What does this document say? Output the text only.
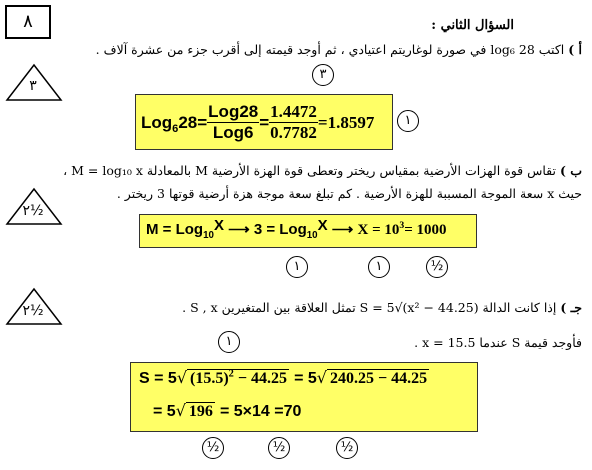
٨	السؤال الثاني :
أ ) اكتب 28 log₆ في صورة لوغاريتم اعتيادي ، ثم أوجد قيمته إلى أقرب جزء من عشرة آلاف .
٣
٣
Log$_6$ $28 = \frac{\text{Log28}}{\text{Log6}} = \frac{1.4472}{0.7782} =1.8597$	١
ب ) تقاس قوة الهزات الأرضية بمقياس ريختر وتعطى قوة الهزة الأرضية M بالمعادلة M = log₁₀ x ،
حيث x سعة الموجة المسببة للهزة الأرضية . كم تبلغ سعة موجة هزة أرضية قوتها 3 ريختر .
٢½
M = Log$_{10}$X ⟶ 3 = Log$_{10}$X ⟶ $X = 10^3= 1000$
١	١	½
٢½	جـ ) إذا كانت الدالة S = 5√(x² − 44.25) تمثل العلاقة بين المتغيرين S , x .
١	فأوجد قيمة S عندما x = 15.5 .
S = 5√ $(15.5)^2 - 44.25 = 5√$ 240.25 − 44.25
= 5√ 196 = 5×14 =70
½	½	½
